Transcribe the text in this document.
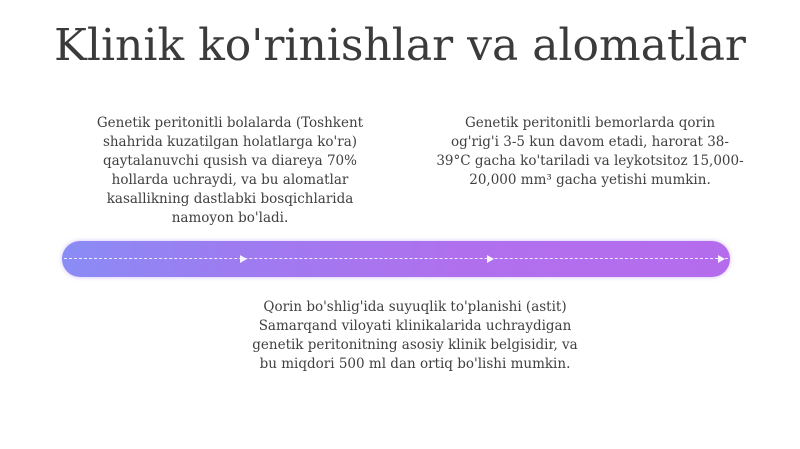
Klinik ko'rinishlar va alomatlar

Genetik peritonitli bolalarda (Toshkent
shahrida kuzatilgan holatlarga ko'ra)
qaytalanuvchi qusish va diareya 70%
hollarda uchraydi, va bu alomatlar
kasallikning dastlabki bosqichlarida
namoyon bo'ladi.

Genetik peritonitli bemorlarda qorin
og'rig'i 3-5 kun davom etadi, harorat 38-
39°C gacha ko'tariladi va leykotsitoz 15,000-
20,000 mm³ gacha yetishi mumkin.

Qorin bo'shlig'ida suyuqlik to'planishi (astit)
Samarqand viloyati klinikalarida uchraydigan
genetik peritonitning asosiy klinik belgisidir, va
bu miqdori 500 ml dan ortiq bo'lishi mumkin.
